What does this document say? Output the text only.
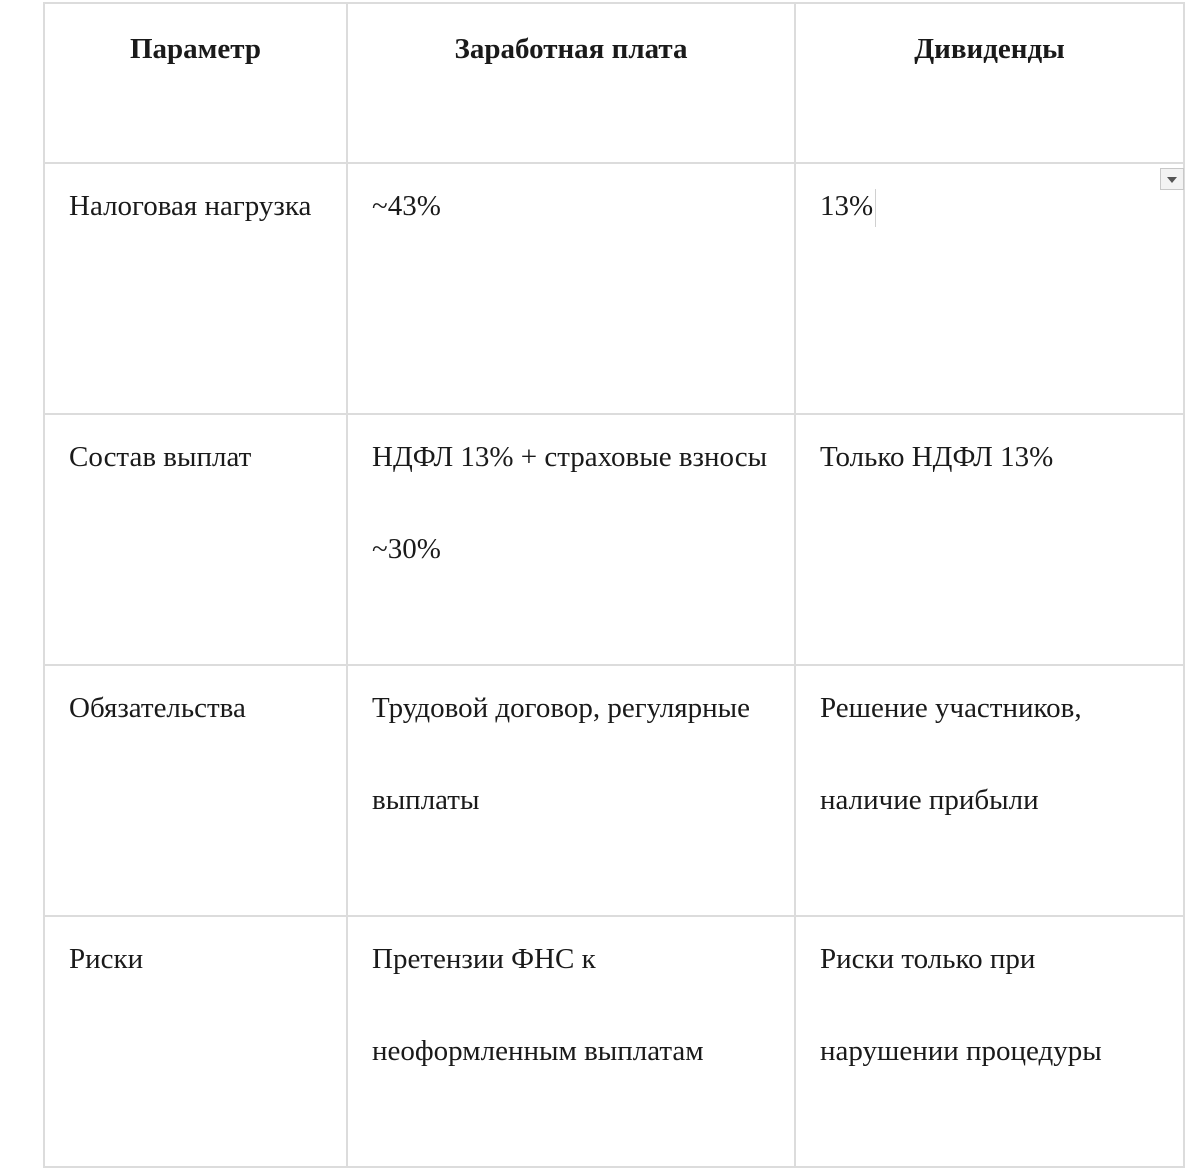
Параметр	Заработная плата	Дивиденды

Налоговая нагрузка	~43%	13%

Состав выплат	НДФЛ 13% + страховые взносы ~30%	Только НДФЛ 13%

Обязательства	Трудовой договор, регулярные выплаты	Решение участников, наличие прибыли

Риски	Претензии ФНС к неоформленным выплатам	Риски только при нарушении процедуры
